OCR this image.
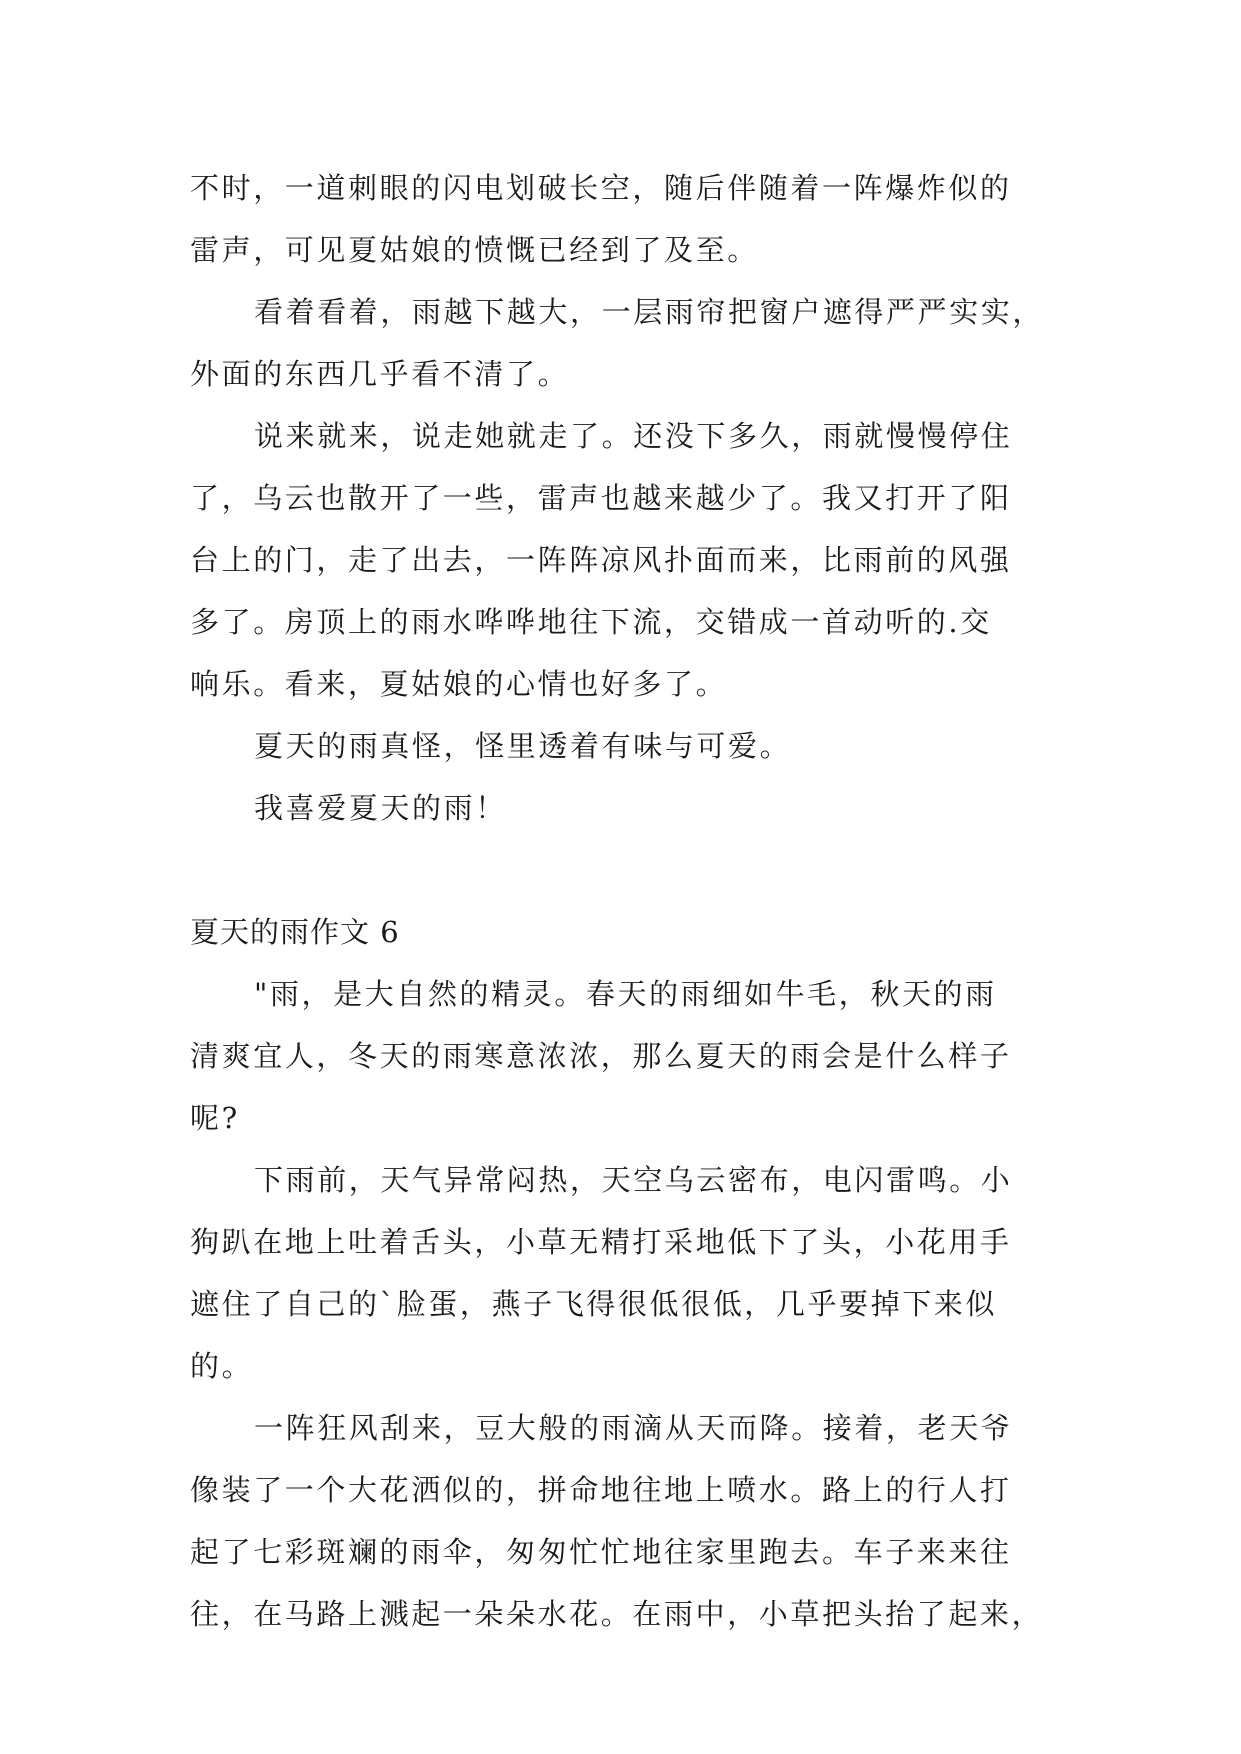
不时，一道刺眼的闪电划破长空，随后伴随着一阵爆炸似的
雷声，可见夏姑娘的愤慨已经到了及至。
看着看着，雨越下越大，一层雨帘把窗户遮得严严实实，
外面的东西几乎看不清了。
说来就来，说走她就走了。还没下多久，雨就慢慢停住
了，乌云也散开了一些，雷声也越来越少了。我又打开了阳
台上的门，走了出去，一阵阵凉风扑面而来，比雨前的风强
多了。房顶上的雨水哗哗地往下流，交错成一首动听的.交
响乐。看来，夏姑娘的心情也好多了。
夏天的雨真怪，怪里透着有味与可爱。
我喜爱夏天的雨！
夏天的雨作文 6
"雨，是大自然的精灵。春天的雨细如牛毛，秋天的雨
清爽宜人，冬天的雨寒意浓浓，那么夏天的雨会是什么样子
呢?
下雨前，天气异常闷热，天空乌云密布，电闪雷鸣。小
狗趴在地上吐着舌头，小草无精打采地低下了头，小花用手
遮住了自己的`脸蛋，燕子飞得很低很低，几乎要掉下来似
的。
一阵狂风刮来，豆大般的雨滴从天而降。接着，老天爷
像装了一个大花洒似的，拼命地往地上喷水。路上的行人打
起了七彩斑斓的雨伞，匆匆忙忙地往家里跑去。车子来来往
往，在马路上溅起一朵朵水花。在雨中，小草把头抬了起来，
